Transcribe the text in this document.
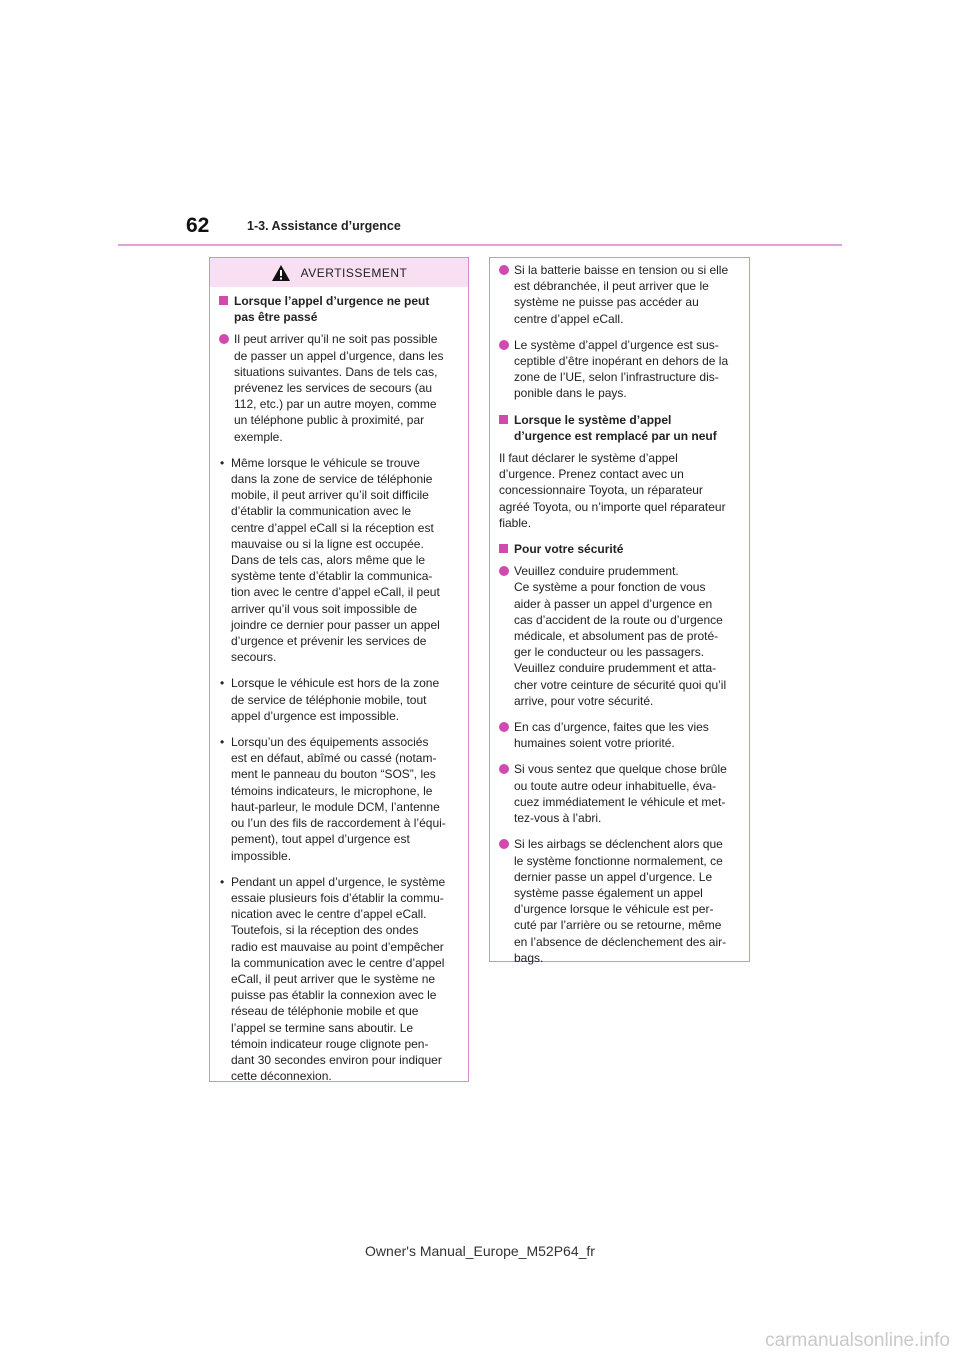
62	1-3. Assistance d’urgence
AVERTISSEMENT
Lorsque l’appel d’urgence ne peut
pas être passé
Il peut arriver qu’il ne soit pas possible
de passer un appel d’urgence, dans les
situations suivantes. Dans de tels cas,
prévenez les services de secours (au
112, etc.) par un autre moyen, comme
un téléphone public à proximité, par
exemple.
• Même lorsque le véhicule se trouve
dans la zone de service de téléphonie
mobile, il peut arriver qu’il soit difficile
d’établir la communication avec le
centre d’appel eCall si la réception est
mauvaise ou si la ligne est occupée.
Dans de tels cas, alors même que le
système tente d’établir la communica-
tion avec le centre d’appel eCall, il peut
arriver qu’il vous soit impossible de
joindre ce dernier pour passer un appel
d’urgence et prévenir les services de
secours.
• Lorsque le véhicule est hors de la zone
de service de téléphonie mobile, tout
appel d’urgence est impossible.
• Lorsqu’un des équipements associés
est en défaut, abîmé ou cassé (notam-
ment le panneau du bouton “SOS”, les
témoins indicateurs, le microphone, le
haut-parleur, le module DCM, l’antenne
ou l’un des fils de raccordement à l’équi-
pement), tout appel d’urgence est
impossible.
• Pendant un appel d’urgence, le système
essaie plusieurs fois d’établir la commu-
nication avec le centre d’appel eCall.
Toutefois, si la réception des ondes
radio est mauvaise au point d’empêcher
la communication avec le centre d’appel
eCall, il peut arriver que le système ne
puisse pas établir la connexion avec le
réseau de téléphonie mobile et que
l’appel se termine sans aboutir. Le
témoin indicateur rouge clignote pen-
dant 30 secondes environ pour indiquer
cette déconnexion.
Si la batterie baisse en tension ou si elle
est débranchée, il peut arriver que le
système ne puisse pas accéder au
centre d’appel eCall.
Le système d’appel d’urgence est sus-
ceptible d’être inopérant en dehors de la
zone de l’UE, selon l’infrastructure dis-
ponible dans le pays.
Lorsque le système d’appel
d’urgence est remplacé par un neuf
Il faut déclarer le système d’appel
d’urgence. Prenez contact avec un
concessionnaire Toyota, un réparateur
agréé Toyota, ou n’importe quel réparateur
fiable.
Pour votre sécurité
Veuillez conduire prudemment.
Ce système a pour fonction de vous
aider à passer un appel d’urgence en
cas d’accident de la route ou d’urgence
médicale, et absolument pas de proté-
ger le conducteur ou les passagers.
Veuillez conduire prudemment et atta-
cher votre ceinture de sécurité quoi qu’il
arrive, pour votre sécurité.
En cas d’urgence, faites que les vies
humaines soient votre priorité.
Si vous sentez que quelque chose brûle
ou toute autre odeur inhabituelle, éva-
cuez immédiatement le véhicule et met-
tez-vous à l’abri.
Si les airbags se déclenchent alors que
le système fonctionne normalement, ce
dernier passe un appel d’urgence. Le
système passe également un appel
d’urgence lorsque le véhicule est per-
cuté par l’arrière ou se retourne, même
en l’absence de déclenchement des air-
bags.
Owner's Manual_Europe_M52P64_fr
carmanualsonline.info
